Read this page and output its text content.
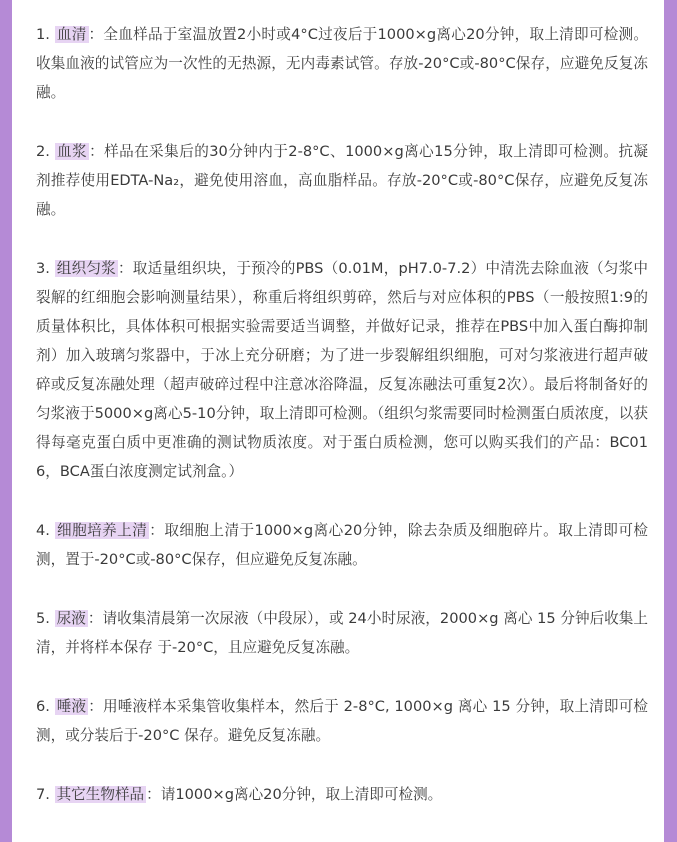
1. 血清 ：全血样品于室温放置2小时或4°C过夜后于1000×g离心20分钟，取上清即可检测。收集血液的试管应为一次性的无热源，无内毒素试管。存放-20°C或-80°C保存，应避免反复冻融。

2. 血浆 ：样品在采集后的30分钟内于2-8°C、1000×g离心15分钟，取上清即可检测。抗凝剂推荐使用EDTA-Na₂，避免使用溶血，高血脂样品。存放-20°C或-80°C保存，应避免反复冻融。

3. 组织匀浆 ：取适量组织块，于预冷的PBS（0.01M，pH7.0-7.2）中清洗去除血液（匀浆中裂解的红细胞会影响测量结果），称重后将组织剪碎，然后与对应体积的PBS（一般按照1:9的质量体积比，具体体积可根据实验需要适当调整，并做好记录，推荐在PBS中加入蛋白酶抑制剂）加入玻璃匀浆器中，于冰上充分研磨；为了进一步裂解组织细胞，可对匀浆液进行超声破碎或反复冻融处理（超声破碎过程中注意冰浴降温，反复冻融法可重复2次）。最后将制备好的匀浆液于5000×g离心5-10分钟，取上清即可检测。（组织匀浆需要同时检测蛋白质浓度，以获得每毫克蛋白质中更准确的测试物质浓度。对于蛋白质检测，您可以购买我们的产品：BC016，BCA蛋白浓度测定试剂盒。）

4. 细胞培养上清 ：取细胞上清于1000×g离心20分钟，除去杂质及细胞碎片。取上清即可检测，置于-20°C或-80°C保存，但应避免反复冻融。

5. 尿液 ：请收集清晨第一次尿液（中段尿），或 24小时尿液，2000×g 离心 15 分钟后收集上清，并将样本保存 于-20°C，且应避免反复冻融。

6. 唾液 ：用唾液样本采集管收集样本，然后于 2-8°C, 1000×g 离心 15 分钟，取上清即可检测，或分装后于-20°C 保存。避免反复冻融。

7. 其它生物样品 ：请1000×g离心20分钟，取上清即可检测。
